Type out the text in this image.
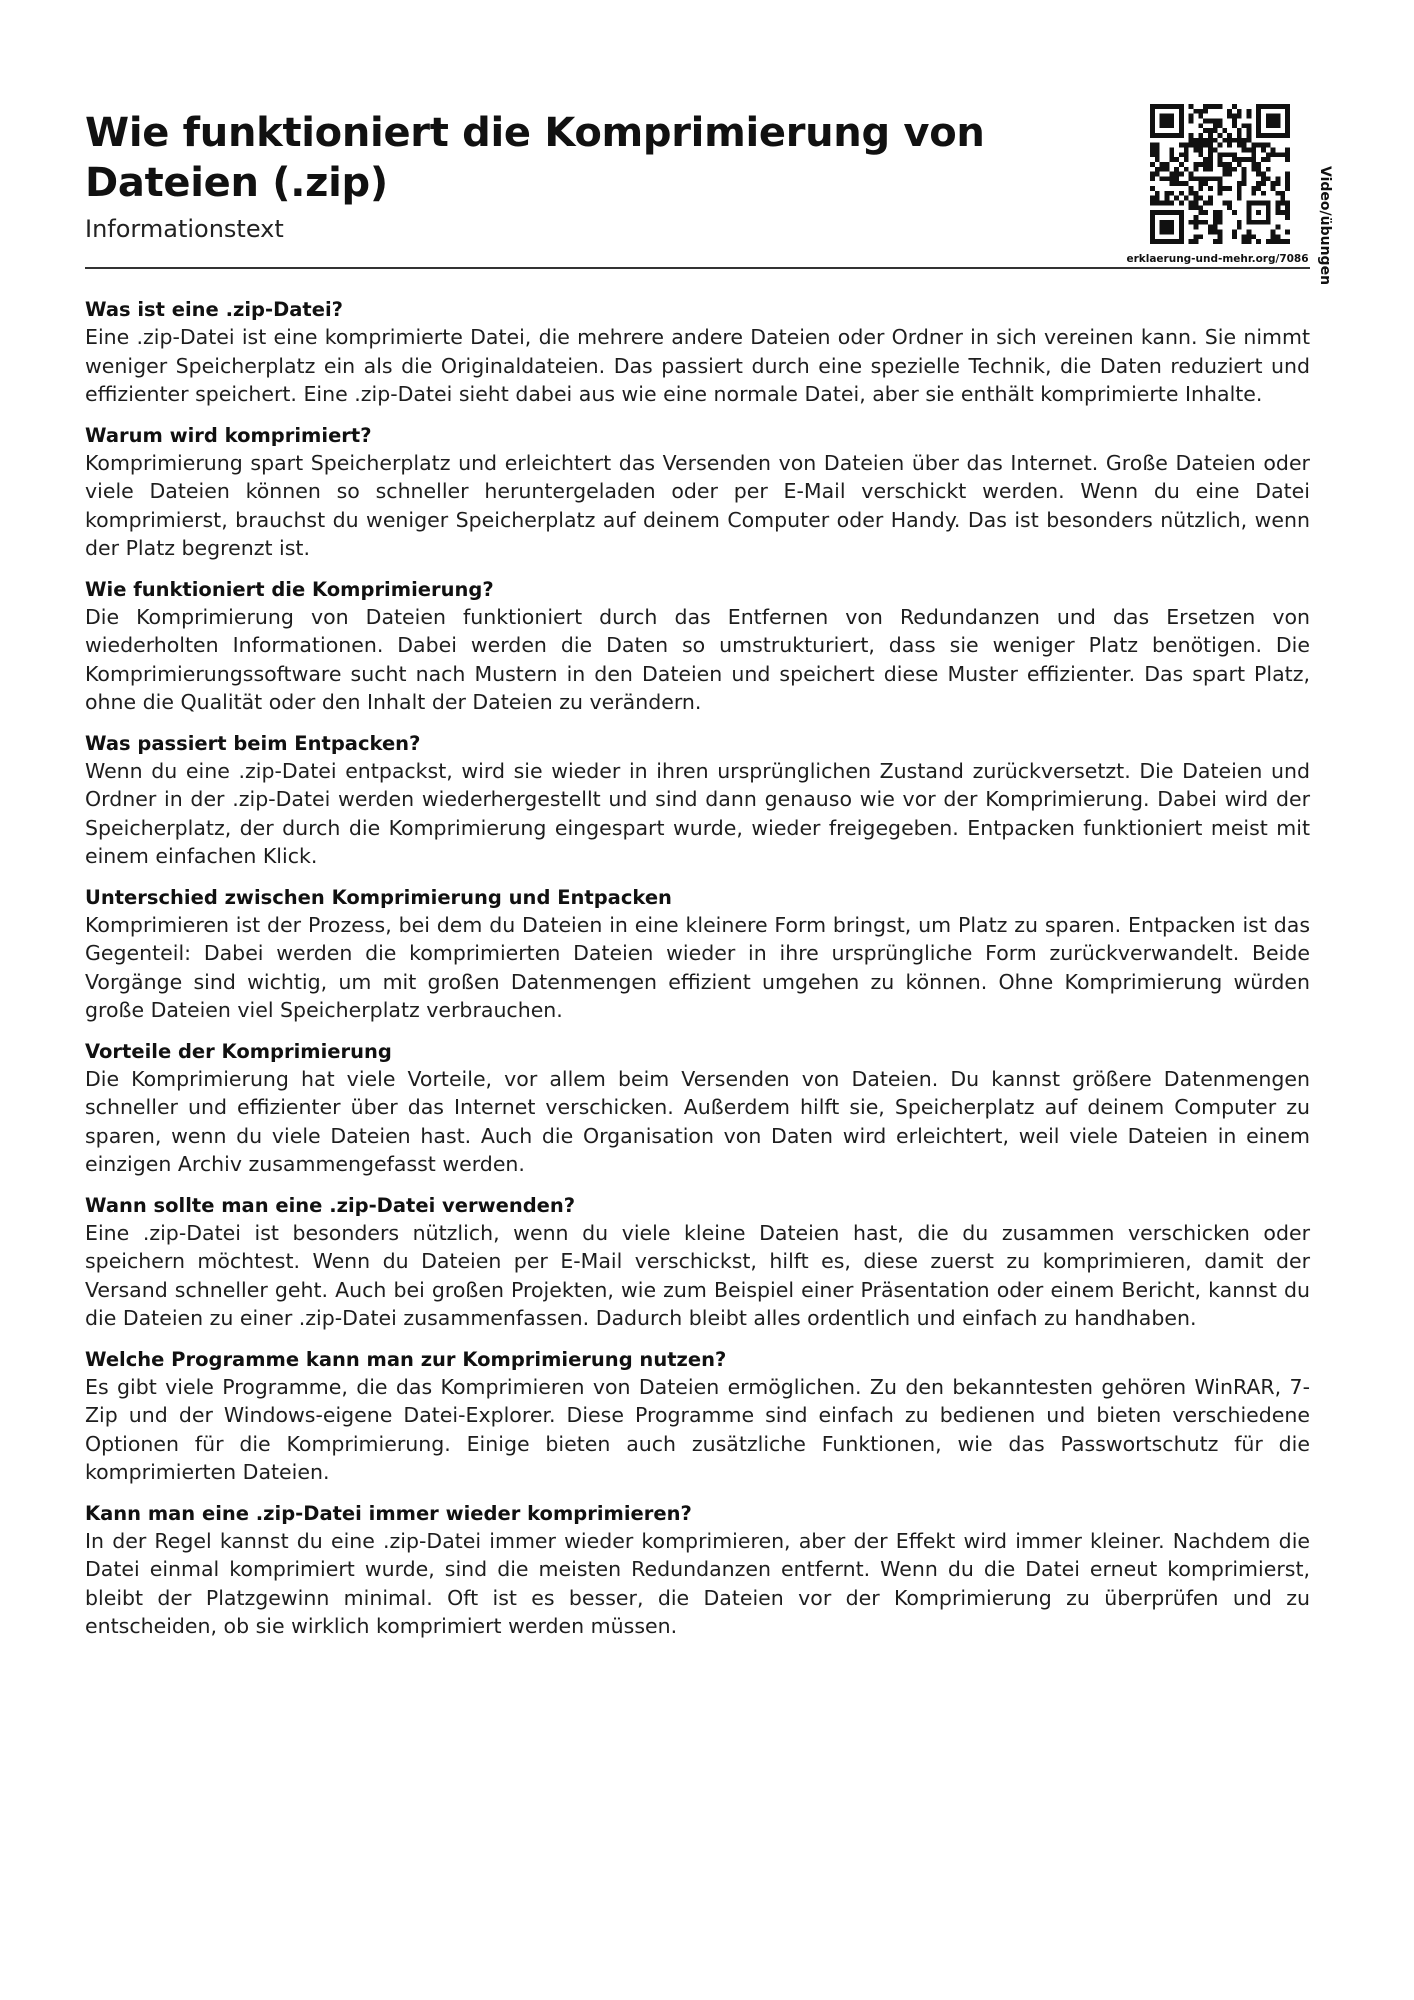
Wie funktioniert die Komprimierung von Dateien (.zip)
Informationstext	Video/übungen
erklaerung-und-mehr.org/7086
Was ist eine .zip-Datei?

Eine .zip-Datei ist eine komprimierte Datei, die mehrere andere Dateien oder Ordner in sich vereinen kann. Sie nimmt weniger Speicherplatz ein als die Originaldateien. Das passiert durch eine spezielle Technik, die Daten reduziert und effizienter speichert. Eine .zip-Datei sieht dabei aus wie eine normale Datei, aber sie enthält komprimierte Inhalte.

Warum wird komprimiert?

Komprimierung spart Speicherplatz und erleichtert das Versenden von Dateien über das Internet. Große Dateien oder viele Dateien können so schneller heruntergeladen oder per E-Mail verschickt werden. Wenn du eine Datei komprimierst, brauchst du weniger Speicherplatz auf deinem Computer oder Handy. Das ist besonders nützlich, wenn der Platz begrenzt ist.

Wie funktioniert die Komprimierung?

Die Komprimierung von Dateien funktioniert durch das Entfernen von Redundanzen und das Ersetzen von wiederholten Informationen. Dabei werden die Daten so umstrukturiert, dass sie weniger Platz benötigen. Die Komprimierungssoftware sucht nach Mustern in den Dateien und speichert diese Muster effizienter. Das spart Platz, ohne die Qualität oder den Inhalt der Dateien zu verändern.

Was passiert beim Entpacken?

Wenn du eine .zip-Datei entpackst, wird sie wieder in ihren ursprünglichen Zustand zurückversetzt. Die Dateien und Ordner in der .zip-Datei werden wiederhergestellt und sind dann genauso wie vor der Komprimierung. Dabei wird der Speicherplatz, der durch die Komprimierung eingespart wurde, wieder freigegeben. Entpacken funktioniert meist mit einem einfachen Klick.

Unterschied zwischen Komprimierung und Entpacken

Komprimieren ist der Prozess, bei dem du Dateien in eine kleinere Form bringst, um Platz zu sparen. Entpacken ist das Gegenteil: Dabei werden die komprimierten Dateien wieder in ihre ursprüngliche Form zurückverwandelt. Beide Vorgänge sind wichtig, um mit großen Datenmengen effizient umgehen zu können. Ohne Komprimierung würden große Dateien viel Speicherplatz verbrauchen.

Vorteile der Komprimierung

Die Komprimierung hat viele Vorteile, vor allem beim Versenden von Dateien. Du kannst größere Datenmengen schneller und effizienter über das Internet verschicken. Außerdem hilft sie, Speicherplatz auf deinem Computer zu sparen, wenn du viele Dateien hast. Auch die Organisation von Daten wird erleichtert, weil viele Dateien in einem einzigen Archiv zusammengefasst werden.

Wann sollte man eine .zip-Datei verwenden?

Eine .zip-Datei ist besonders nützlich, wenn du viele kleine Dateien hast, die du zusammen verschicken oder speichern möchtest. Wenn du Dateien per E-Mail verschickst, hilft es, diese zuerst zu komprimieren, damit der Versand schneller geht. Auch bei großen Projekten, wie zum Beispiel einer Präsentation oder einem Bericht, kannst du die Dateien zu einer .zip-Datei zusammenfassen. Dadurch bleibt alles ordentlich und einfach zu handhaben.

Welche Programme kann man zur Komprimierung nutzen?

Es gibt viele Programme, die das Komprimieren von Dateien ermöglichen. Zu den bekanntesten gehören WinRAR, 7-Zip und der Windows-eigene Datei-Explorer. Diese Programme sind einfach zu bedienen und bieten verschiedene Optionen für die Komprimierung. Einige bieten auch zusätzliche Funktionen, wie das Passwortschutz für die komprimierten Dateien.

Kann man eine .zip-Datei immer wieder komprimieren?

In der Regel kannst du eine .zip-Datei immer wieder komprimieren, aber der Effekt wird immer kleiner. Nachdem die Datei einmal komprimiert wurde, sind die meisten Redundanzen entfernt. Wenn du die Datei erneut komprimierst, bleibt der Platzgewinn minimal. Oft ist es besser, die Dateien vor der Komprimierung zu überprüfen und zu entscheiden, ob sie wirklich komprimiert werden müssen.
